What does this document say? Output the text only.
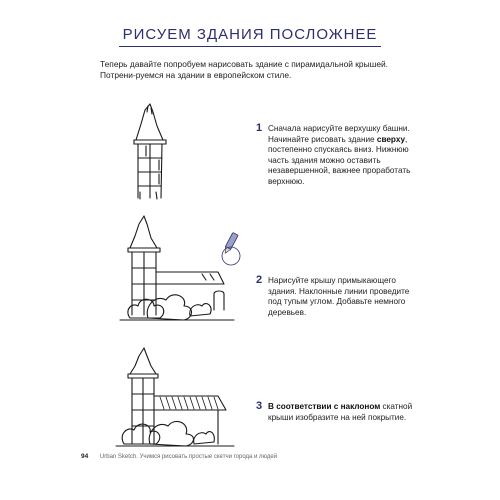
РИСУЕМ ЗДАНИЯ ПОСЛОЖНЕЕ
Теперь давайте попробуем нарисовать здание с пирамидальной крышей. Потрени-руемся на здании в европейском стиле.
1 Сначала нарисуйте верхушку башни. Начинайте рисовать здание сверху, постепенно спускаясь вниз. Нижнюю часть здания можно оставить незавершенной, важнее проработать верхнюю.
2 Нарисуйте крышу примыкающего здания. Наклонные линии проведите под тупым углом. Добавьте немного деревьев.
3 В соответствии с наклоном скатной крыши изобразите на ней покрытие.
94 Urban Sketch. Учимся рисовать простые скетчи города и людей
